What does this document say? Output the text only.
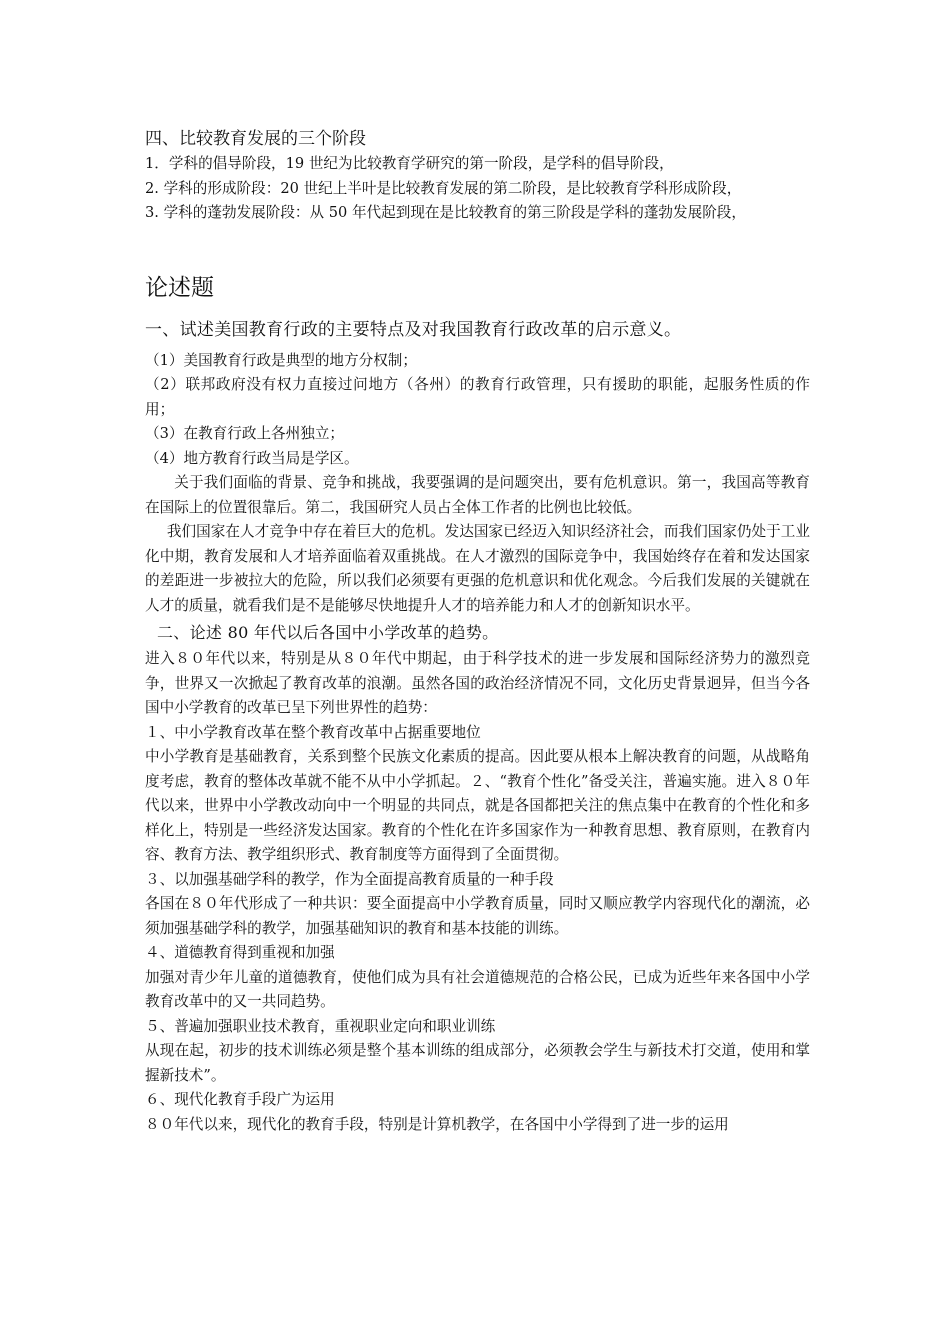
四、比较教育发展的三个阶段
1．学科的倡导阶段，19 世纪为比较教育学研究的第一阶段，是学科的倡导阶段，
2. 学科的形成阶段：20 世纪上半叶是比较教育发展的第二阶段，是比较教育学科形成阶段，
3. 学科的蓬勃发展阶段：从 50 年代起到现在是比较教育的第三阶段是学科的蓬勃发展阶段，
论述题
一、试述美国教育行政的主要特点及对我国教育行政改革的启示意义。
（1）美国教育行政是典型的地方分权制；
（2）联邦政府没有权力直接过问地方（各州）的教育行政管理，只有援助的职能，起服务性质的作用；
（3）在教育行政上各州独立；
（4）地方教育行政当局是学区。
关于我们面临的背景、竞争和挑战，我要强调的是问题突出，要有危机意识。第一，我国高等教育在国际上的位置很靠后。第二，我国研究人员占全体工作者的比例也比较低。
我们国家在人才竞争中存在着巨大的危机。发达国家已经迈入知识经济社会，而我们国家仍处于工业化中期，教育发展和人才培养面临着双重挑战。在人才激烈的国际竞争中，我国始终存在着和发达国家的差距进一步被拉大的危险，所以我们必须要有更强的危机意识和优化观念。今后我们发展的关键就在人才的质量，就看我们是不是能够尽快地提升人才的培养能力和人才的创新知识水平。
二、论述 80 年代以后各国中小学改革的趋势。
进入８０年代以来，特别是从８０年代中期起，由于科学技术的进一步发展和国际经济势力的激烈竞争，世界又一次掀起了教育改革的浪潮。虽然各国的政治经济情况不同，文化历史背景迥异，但当今各国中小学教育的改革已呈下列世界性的趋势：
１、中小学教育改革在整个教育改革中占据重要地位
中小学教育是基础教育，关系到整个民族文化素质的提高。因此要从根本上解决教育的问题，从战略角度考虑，教育的整体改革就不能不从中小学抓起。２、“教育个性化”备受关注，普遍实施。进入８０年代以来，世界中小学教改动向中一个明显的共同点，就是各国都把关注的焦点集中在教育的个性化和多样化上，特别是一些经济发达国家。教育的个性化在许多国家作为一种教育思想、教育原则，在教育内容、教育方法、教学组织形式、教育制度等方面得到了全面贯彻。
３、以加强基础学科的教学，作为全面提高教育质量的一种手段
各国在８０年代形成了一种共识：要全面提高中小学教育质量，同时又顺应教学内容现代化的潮流，必须加强基础学科的教学，加强基础知识的教育和基本技能的训练。
４、道德教育得到重视和加强
加强对青少年儿童的道德教育，使他们成为具有社会道德规范的合格公民，已成为近些年来各国中小学教育改革中的又一共同趋势。
５、普遍加强职业技术教育，重视职业定向和职业训练
从现在起，初步的技术训练必须是整个基本训练的组成部分，必须教会学生与新技术打交道，使用和掌握新技术”。
６、现代化教育手段广为运用
８０年代以来，现代化的教育手段，特别是计算机教学，在各国中小学得到了进一步的运用
